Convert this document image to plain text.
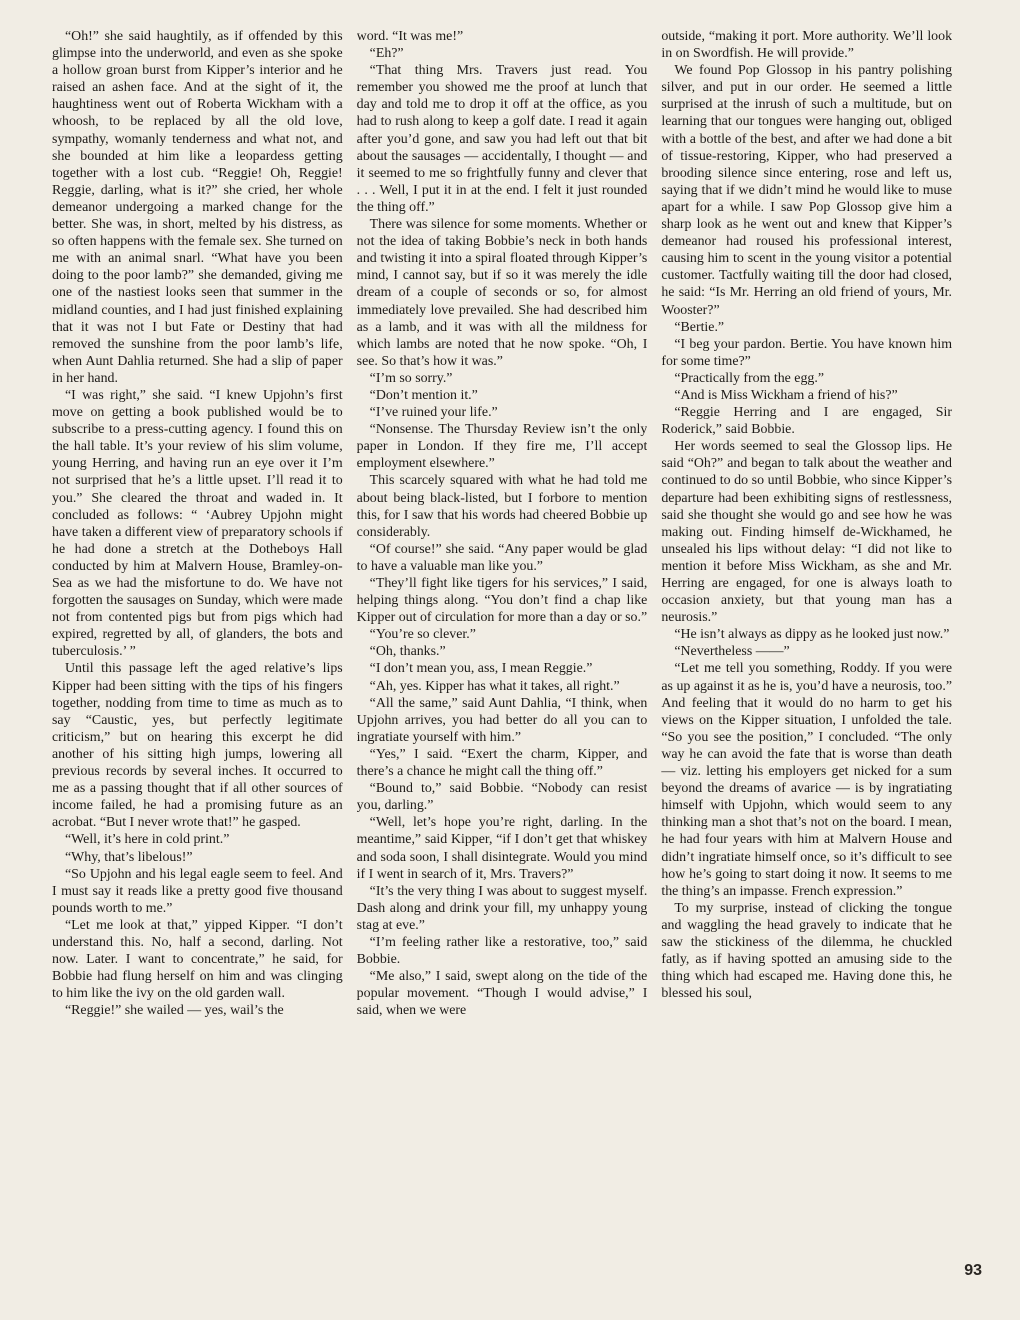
“Oh!” she said haughtily, as if offended by this glimpse into the underworld, and even as she spoke a hollow groan burst from Kipper’s interior and he raised an ashen face. And at the sight of it, the haughtiness went out of Roberta Wickham with a whoosh, to be replaced by all the old love, sympathy, womanly tenderness and what not, and she bounded at him like a leopardess getting together with a lost cub. “Reggie! Oh, Reggie! Reggie, darling, what is it?” she cried, her whole demeanor undergoing a marked change for the better. She was, in short, melted by his distress, as so often happens with the female sex. She turned on me with an animal snarl. “What have you been doing to the poor lamb?” she demanded, giving me one of the nastiest looks seen that summer in the midland counties, and I had just finished explaining that it was not I but Fate or Destiny that had removed the sunshine from the poor lamb’s life, when Aunt Dahlia returned. She had a slip of paper in her hand.

“I was right,” she said. “I knew Upjohn’s first move on getting a book published would be to subscribe to a press-cutting agency. I found this on the hall table. It’s your review of his slim volume, young Herring, and having run an eye over it I’m not surprised that he’s a little upset. I’ll read it to you.” She cleared the throat and waded in. It concluded as follows: “ ‘Aubrey Upjohn might have taken a different view of preparatory schools if he had done a stretch at the Dotheboys Hall conducted by him at Malvern House, Bramley-on-Sea as we had the misfortune to do. We have not forgotten the sausages on Sunday, which were made not from contented pigs but from pigs which had expired, regretted by all, of glanders, the bots and tuberculosis.’ ”

Until this passage left the aged relative’s lips Kipper had been sitting with the tips of his fingers together, nodding from time to time as much as to say “Caustic, yes, but perfectly legitimate criticism,” but on hearing this excerpt he did another of his sitting high jumps, lowering all previous records by several inches. It occurred to me as a passing thought that if all other sources of income failed, he had a promising future as an acrobat. “But I never wrote that!” he gasped.

“Well, it’s here in cold print.”

“Why, that’s libelous!”

“So Upjohn and his legal eagle seem to feel. And I must say it reads like a pretty good five thousand pounds worth to me.”

“Let me look at that,” yipped Kipper. “I don’t understand this. No, half a second, darling. Not now. Later. I want to concentrate,” he said, for Bobbie had flung herself on him and was clinging to him like the ivy on the old garden wall.

“Reggie!” she wailed — yes, wail’s the

word. “It was me!”

“Eh?”

“That thing Mrs. Travers just read. You remember you showed me the proof at lunch that day and told me to drop it off at the office, as you had to rush along to keep a golf date. I read it again after you’d gone, and saw you had left out that bit about the sausages — accidentally, I thought — and it seemed to me so frightfully funny and clever that . . . Well, I put it in at the end. I felt it just rounded the thing off.”

There was silence for some moments. Whether or not the idea of taking Bobbie’s neck in both hands and twisting it into a spiral floated through Kipper’s mind, I cannot say, but if so it was merely the idle dream of a couple of seconds or so, for almost immediately love prevailed. She had described him as a lamb, and it was with all the mildness for which lambs are noted that he now spoke. “Oh, I see. So that’s how it was.”

“I’m so sorry.”

“Don’t mention it.”

“I’ve ruined your life.”

“Nonsense. The Thursday Review isn’t the only paper in London. If they fire me, I’ll accept employment elsewhere.”

This scarcely squared with what he had told me about being black-listed, but I forbore to mention this, for I saw that his words had cheered Bobbie up considerably.

“Of course!” she said. “Any paper would be glad to have a valuable man like you.”

“They’ll fight like tigers for his services,” I said, helping things along. “You don’t find a chap like Kipper out of circulation for more than a day or so.”

“You’re so clever.”

“Oh, thanks.”

“I don’t mean you, ass, I mean Reggie.”

“Ah, yes. Kipper has what it takes, all right.”

“All the same,” said Aunt Dahlia, “I think, when Upjohn arrives, you had better do all you can to ingratiate yourself with him.”

“Yes,” I said. “Exert the charm, Kipper, and there’s a chance he might call the thing off.”

“Bound to,” said Bobbie. “Nobody can resist you, darling.”

“Well, let’s hope you’re right, darling. In the meantime,” said Kipper, “if I don’t get that whiskey and soda soon, I shall disintegrate. Would you mind if I went in search of it, Mrs. Travers?”

“It’s the very thing I was about to suggest myself. Dash along and drink your fill, my unhappy young stag at eve.”

“I’m feeling rather like a restorative, too,” said Bobbie.

“Me also,” I said, swept along on the tide of the popular movement. “Though I would advise,” I said, when we were

outside, “making it port. More authority. We’ll look in on Swordfish. He will provide.”

We found Pop Glossop in his pantry polishing silver, and put in our order. He seemed a little surprised at the inrush of such a multitude, but on learning that our tongues were hanging out, obliged with a bottle of the best, and after we had done a bit of tissue-restoring, Kipper, who had preserved a brooding silence since entering, rose and left us, saying that if we didn’t mind he would like to muse apart for a while. I saw Pop Glossop give him a sharp look as he went out and knew that Kipper’s demeanor had roused his professional interest, causing him to scent in the young visitor a potential customer. Tactfully waiting till the door had closed, he said: “Is Mr. Herring an old friend of yours, Mr. Wooster?”

“Bertie.”

“I beg your pardon. Bertie. You have known him for some time?”

“Practically from the egg.”

“And is Miss Wickham a friend of his?”

“Reggie Herring and I are engaged, Sir Roderick,” said Bobbie.

Her words seemed to seal the Glossop lips. He said “Oh?” and began to talk about the weather and continued to do so until Bobbie, who since Kipper’s departure had been exhibiting signs of restlessness, said she thought she would go and see how he was making out. Finding himself de-Wickhamed, he unsealed his lips without delay: “I did not like to mention it before Miss Wickham, as she and Mr. Herring are engaged, for one is always loath to occasion anxiety, but that young man has a neurosis.”

“He isn’t always as dippy as he looked just now.”

“Nevertheless ——”

“Let me tell you something, Roddy. If you were as up against it as he is, you’d have a neurosis, too.” And feeling that it would do no harm to get his views on the Kipper situation, I unfolded the tale. “So you see the position,” I concluded. “The only way he can avoid the fate that is worse than death — viz. letting his employers get nicked for a sum beyond the dreams of avarice — is by ingratiating himself with Upjohn, which would seem to any thinking man a shot that’s not on the board. I mean, he had four years with him at Malvern House and didn’t ingratiate himself once, so it’s difficult to see how he’s going to start doing it now. It seems to me the thing’s an impasse. French expression.”

To my surprise, instead of clicking the tongue and waggling the head gravely to indicate that he saw the stickiness of the dilemma, he chuckled fatly, as if having spotted an amusing side to the thing which had escaped me. Having done this, he blessed his soul,

93
